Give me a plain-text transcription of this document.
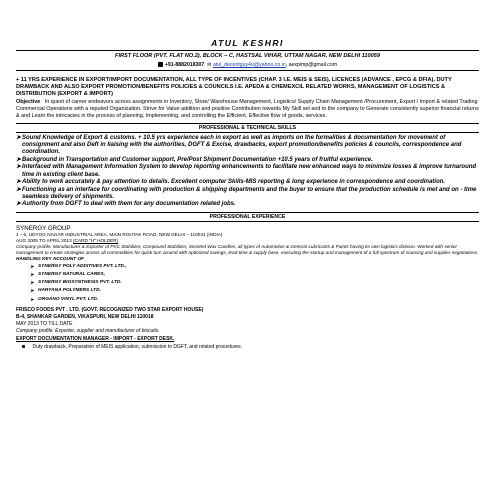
ATUL KESHRI
FIRST FLOOR (PVT. FLAT NO.2), BLOCK – C, HASTSAL VIHAR, UTTAM NAGAR, NEW DELHI 110059
+91-8882018307  ✉ atul_decentguy4u@yahoo.co.in, aexpimp@gmail.com
+ 11 YRS EXPERIENCE IN EXPORT/IMPORT DOCUMENTATION, ALL TYPE OF INCENTIVES (CHAP. 3 I.E. MEIS & SEIS), LICENCES (ADVANCE , EPCG & DFIA), DUTY DRAWBACK AND ALSO EXPORT PROMOTION/BENEFITS POLICIES & COUNCILS I.E. APEDA & CHEMEXCIL RELATED WORKS, MANAGEMENT OF LOGISTICS & DISTRIBUTION (EXPORT & IMPORT)
Objective In quest of career endeavors across assignments in Inventory, Store/ Warehouse Management, Logistics/ Supply Chain Management /Procurement, Export / Import & related Trading Commercial Operations with a reputed Organization. Strive for Value addition and positive Contribution towards My Skill set and to the company to Generate consistently superior financial returns & and Learn the intricacies in the process of planning, Implementing, and controlling the Efficient, Effective flow of goods, services.
PROFESSIONAL & TECHNICAL SKILLS
➤ Sound Knowledge of Export & customs. + 10.5 yrs experience each in export as well as imports on the formalities & documentation for movement of consignment and also Deft in liaising with the authorities, DGFT & Excise, drawbacks, export promotion/benefits policies & councils, correspondence and coordination.
➤ Background in Transportation and Customer support, Pre/Post Shipment Documentation +10.5 years of fruitful experience.
➤ Interfaced with Management Information System to develop reporting enhancements to facilitate new enhanced ways to minimize losses & improve turnaround time in existing client base.
➤ Ability to work accurately & pay attention to details. Excellent computer Skills-MIS reporting & long experience in correspondence and coordination.
➤ Functioning as an interface for coordinating with production & shipping departments and the buyer to ensure that the production schedule is met and on - time seamless delivery of shipments.
➤ Authority from DGFT to deal with them for any documentation related jobs.
PROFESSIONAL EXPERIENCE
SYNERGY GROUP
J – 6, UDYOG NAGAR INDUSTRIAL AREA, MAIN ROHTAK ROAD, NEW DELHI – 110041 (INDIA)
AUG 2005 TO APRIL 2013 (CARD "H" HOLDER)
Company profile: Manufacturer & Exporter of PVC Stabilizer, Compound Stabilizer, Scented Wax Candles, all types of Automotive & General Lubricants & Paints having its own logistics division. Worked with senior management to create strategies across all commodities for quick turn around with optimized savings, lead-time & supply base, executing the startup and management of a full spectrum of sourcing and supplier negotiations.
HANDLING KEY ACCOUNT OF
➤ SYNERGY POLY ADDITIVES PVT. LTD.,
➤ SYNERGY NATURAL CARES,
➤ SYNERGY BIOSYNTHESIS PVT. LTD.
➤ HARYANA POLYMERS LTD.
➤ ORGANO VINYL PVT. LTD.
FRISCO FOODS PVT . LTD. (GOVT. RECOGNIZED TWO STAR EXPORT HOUSE)
B-4, SHANKAR GARDEN, VIKASPURI, NEW DELHI 110018
MAY 2013 TO TILL DATE
Company profile: Exporter, supplier and manufacturer of biscuits.
EXPORT DOCUMENTATION MANAGER - IMPORT - EXPORT DESK.
Duty drawback, Preparation of MEIS application, submission to DGFT, and related procedures.
